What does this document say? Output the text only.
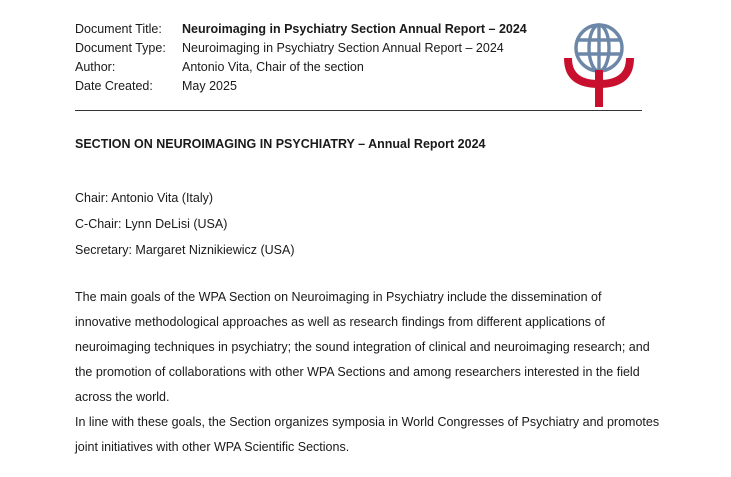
Document Title:	Neuroimaging in Psychiatry Section Annual Report – 2024
Document Type:	Neuroimaging in Psychiatry Section Annual Report – 2024
Author:	Antonio Vita, Chair of the section
Date Created:	May 2025
SECTION ON NEUROIMAGING IN PSYCHIATRY – Annual Report 2024
Chair: Antonio Vita (Italy)
C-Chair: Lynn DeLisi (USA)
Secretary: Margaret Niznikiewicz (USA)
The main goals of the WPA Section on Neuroimaging in Psychiatry include the dissemination of
innovative methodological approaches as well as research findings from different applications of
neuroimaging techniques in psychiatry; the sound integration of clinical and neuroimaging research; and
the promotion of collaborations with other WPA Sections and among researchers interested in the field
across the world.
In line with these goals, the Section organizes symposia in World Congresses of Psychiatry and promotes
joint initiatives with other WPA Scientific Sections.
